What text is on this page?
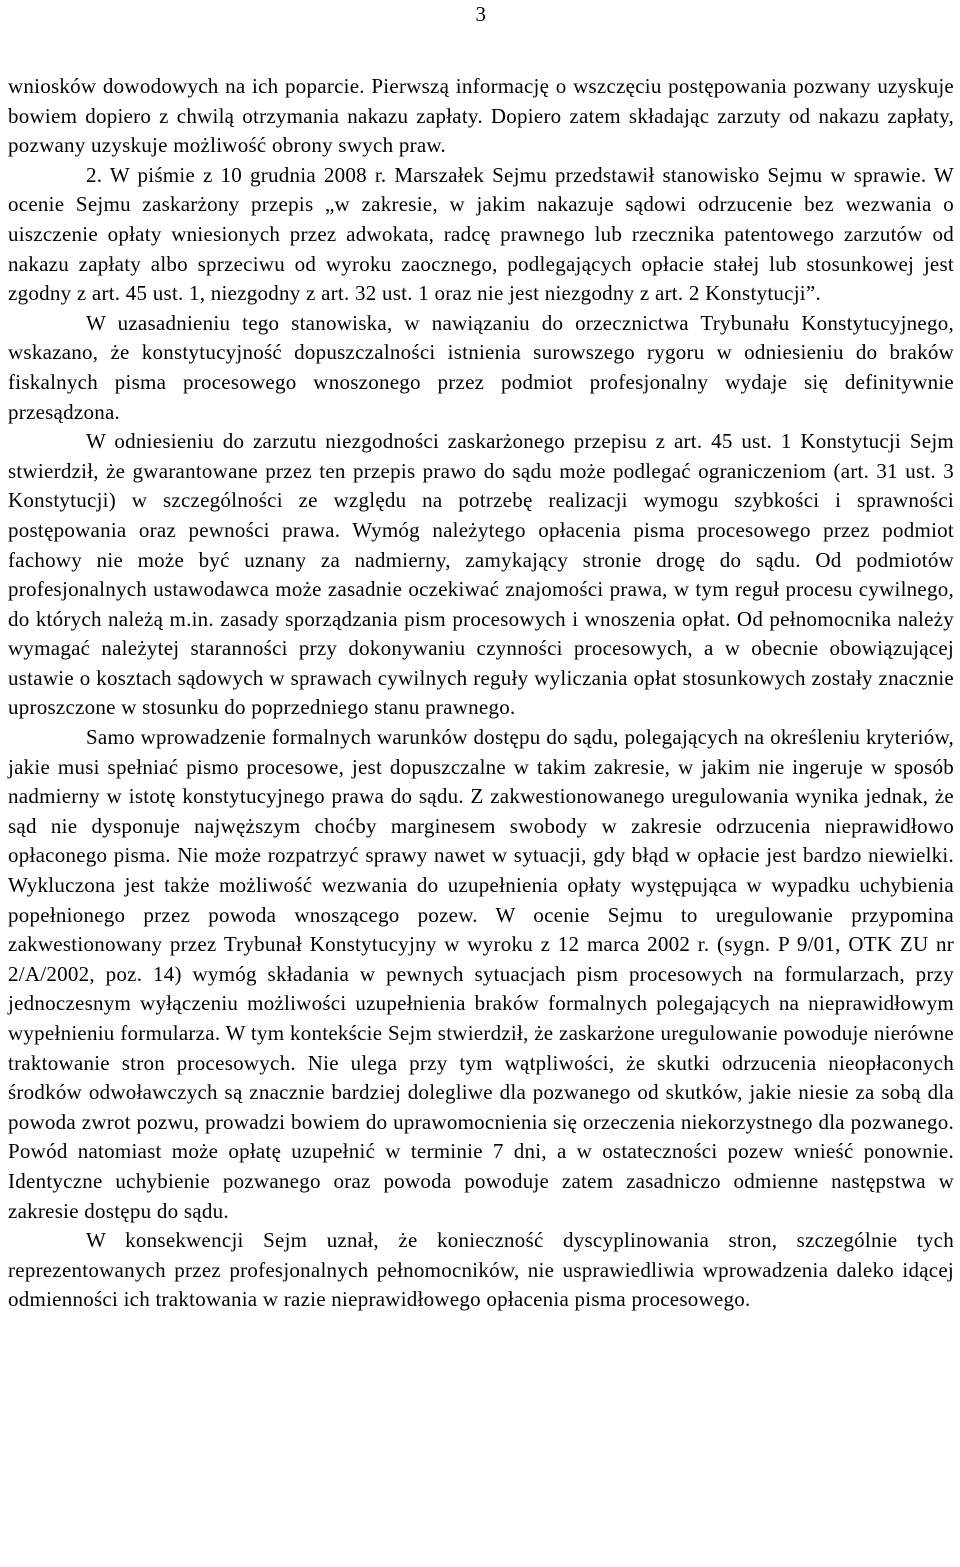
3

wniosków dowodowych na ich poparcie. Pierwszą informację o wszczęciu postępowania pozwany uzyskuje bowiem dopiero z chwilą otrzymania nakazu zapłaty. Dopiero zatem składając zarzuty od nakazu zapłaty, pozwany uzyskuje możliwość obrony swych praw.

2. W piśmie z 10 grudnia 2008 r. Marszałek Sejmu przedstawił stanowisko Sejmu w sprawie. W ocenie Sejmu zaskarżony przepis „w zakresie, w jakim nakazuje sądowi odrzucenie bez wezwania o uiszczenie opłaty wniesionych przez adwokata, radcę prawnego lub rzecznika patentowego zarzutów od nakazu zapłaty albo sprzeciwu od wyroku zaocznego, podlegających opłacie stałej lub stosunkowej jest zgodny z art. 45 ust. 1, niezgodny z art. 32 ust. 1 oraz nie jest niezgodny z art. 2 Konstytucji”.

W uzasadnieniu tego stanowiska, w nawiązaniu do orzecznictwa Trybunału Konstytucyjnego, wskazano, że konstytucyjność dopuszczalności istnienia surowszego rygoru w odniesieniu do braków fiskalnych pisma procesowego wnoszonego przez podmiot profesjonalny wydaje się definitywnie przesądzona.

W odniesieniu do zarzutu niezgodności zaskarżonego przepisu z art. 45 ust. 1 Konstytucji Sejm stwierdził, że gwarantowane przez ten przepis prawo do sądu może podlegać ograniczeniom (art. 31 ust. 3 Konstytucji) w szczególności ze względu na potrzebę realizacji wymogu szybkości i sprawności postępowania oraz pewności prawa. Wymóg należytego opłacenia pisma procesowego przez podmiot fachowy nie może być uznany za nadmierny, zamykający stronie drogę do sądu. Od podmiotów profesjonalnych ustawodawca może zasadnie oczekiwać znajomości prawa, w tym reguł procesu cywilnego, do których należą m.in. zasady sporządzania pism procesowych i wnoszenia opłat. Od pełnomocnika należy wymagać należytej staranności przy dokonywaniu czynności procesowych, a w obecnie obowiązującej ustawie o kosztach sądowych w sprawach cywilnych reguły wyliczania opłat stosunkowych zostały znacznie uproszczone w stosunku do poprzedniego stanu prawnego.

Samo wprowadzenie formalnych warunków dostępu do sądu, polegających na określeniu kryteriów, jakie musi spełniać pismo procesowe, jest dopuszczalne w takim zakresie, w jakim nie ingeruje w sposób nadmierny w istotę konstytucyjnego prawa do sądu. Z zakwestionowanego uregulowania wynika jednak, że sąd nie dysponuje najwęższym choćby marginesem swobody w zakresie odrzucenia nieprawidłowo opłaconego pisma. Nie może rozpatrzyć sprawy nawet w sytuacji, gdy błąd w opłacie jest bardzo niewielki. Wykluczona jest także możliwość wezwania do uzupełnienia opłaty występująca w wypadku uchybienia popełnionego przez powoda wnoszącego pozew. W ocenie Sejmu to uregulowanie przypomina zakwestionowany przez Trybunał Konstytucyjny w wyroku z 12 marca 2002 r. (sygn. P 9/01, OTK ZU nr 2/A/2002, poz. 14) wymóg składania w pewnych sytuacjach pism procesowych na formularzach, przy jednoczesnym wyłączeniu możliwości uzupełnienia braków formalnych polegających na nieprawidłowym wypełnieniu formularza. W tym kontekście Sejm stwierdził, że zaskarżone uregulowanie powoduje nierówne traktowanie stron procesowych. Nie ulega przy tym wątpliwości, że skutki odrzucenia nieopłaconych środków odwoławczych są znacznie bardziej dolegliwe dla pozwanego od skutków, jakie niesie za sobą dla powoda zwrot pozwu, prowadzi bowiem do uprawomocnienia się orzeczenia niekorzystnego dla pozwanego. Powód natomiast może opłatę uzupełnić w terminie 7 dni, a w ostateczności pozew wnieść ponownie. Identyczne uchybienie pozwanego oraz powoda powoduje zatem zasadniczo odmienne następstwa w zakresie dostępu do sądu.

W konsekwencji Sejm uznał, że konieczność dyscyplinowania stron, szczególnie tych reprezentowanych przez profesjonalnych pełnomocników, nie usprawiedliwia wprowadzenia daleko idącej odmienności ich traktowania w razie nieprawidłowego opłacenia pisma procesowego.
